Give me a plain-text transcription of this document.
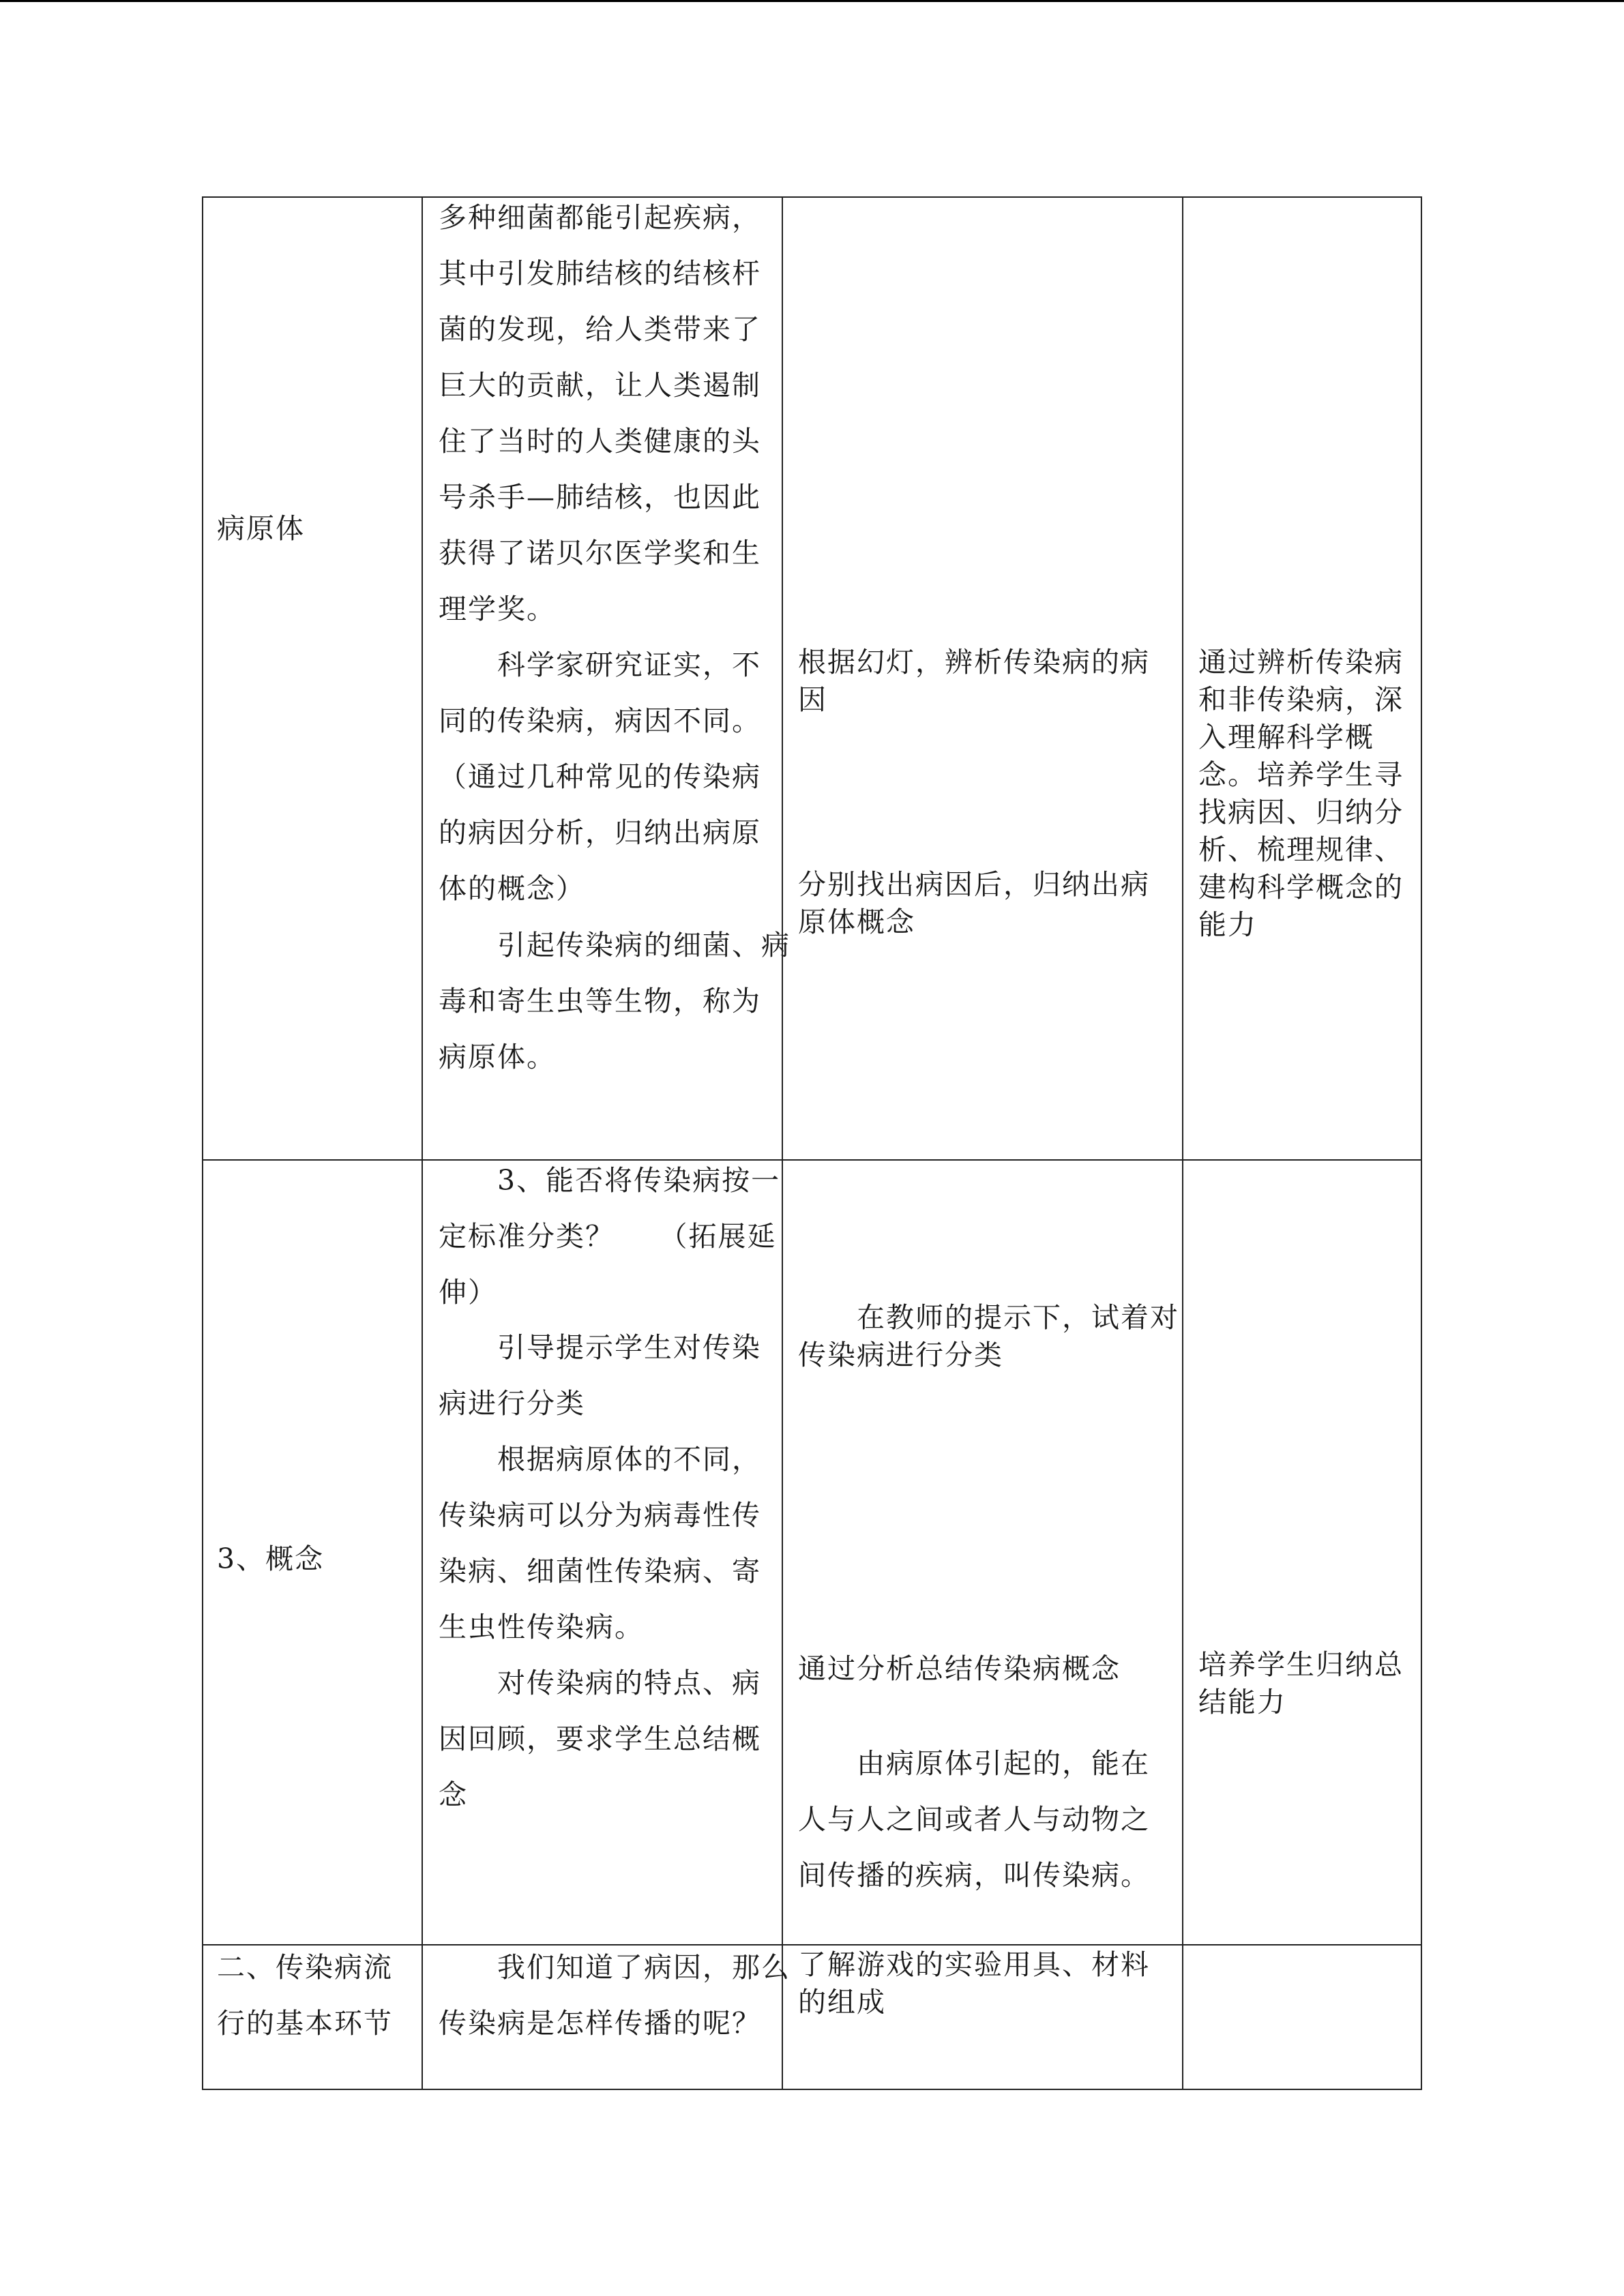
病原体

多种细菌都能引起疾病，
其中引发肺结核的结核杆
菌的发现，给人类带来了
巨大的贡献，让人类遏制
住了当时的人类健康的头
号杀手—肺结核，也因此
获得了诺贝尔医学奖和生
理学奖。

　　科学家研究证实，不
同的传染病，病因不同。
（通过几种常见的传染病
的病因分析，归纳出病原
体的概念）

　　引起传染病的细菌、病
毒和寄生虫等生物，称为
病原体。

根据幻灯，辨析传染病的病
因

分别找出病因后，归纳出病
原体概念

通过辨析传染病
和非传染病，深
入理解科学概
念。培养学生寻
找病因、归纳分
析、梳理规律、
建构科学概念的
能力

3、概念

　　3、能否将传染病按一
定标准分类？　　（拓展延
伸）

　　引导提示学生对传染
病进行分类

　　根据病原体的不同，
传染病可以分为病毒性传
染病、细菌性传染病、寄
生虫性传染病。

　　对传染病的特点、病
因回顾，要求学生总结概
念

　　在教师的提示下，试着对
传染病进行分类

通过分析总结传染病概念

　　由病原体引起的，能在
人与人之间或者人与动物之
间传播的疾病，叫传染病。

培养学生归纳总
结能力

二、传染病流
行的基本环节

　　我们知道了病因，那么
传染病是怎样传播的呢？

了解游戏的实验用具、材料
的组成
